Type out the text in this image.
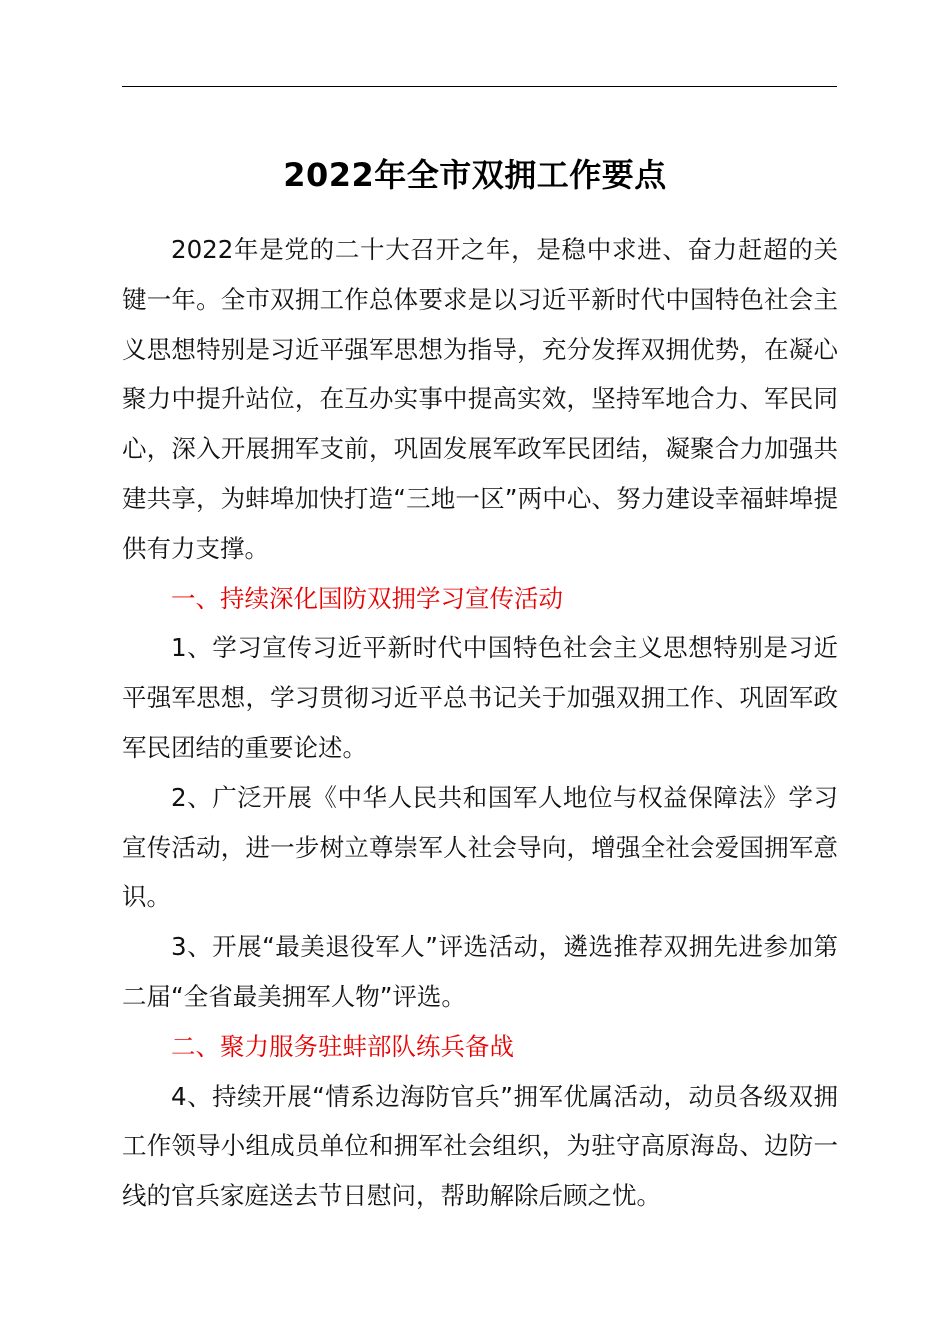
2022年全市双拥工作要点

2022年是党的二十大召开之年，是稳中求进、奋力赶超的关键一年。全市双拥工作总体要求是以习近平新时代中国特色社会主义思想特别是习近平强军思想为指导，充分发挥双拥优势，在凝心聚力中提升站位，在互办实事中提高实效，坚持军地合力、军民同心，深入开展拥军支前，巩固发展军政军民团结，凝聚合力加强共建共享，为蚌埠加快打造“三地一区”两中心、努力建设幸福蚌埠提供有力支撑。

一、持续深化国防双拥学习宣传活动

1、学习宣传习近平新时代中国特色社会主义思想特别是习近平强军思想，学习贯彻习近平总书记关于加强双拥工作、巩固军政军民团结的重要论述。

2、广泛开展《中华人民共和国军人地位与权益保障法》学习宣传活动，进一步树立尊崇军人社会导向，增强全社会爱国拥军意识。

3、开展“最美退役军人”评选活动，遴选推荐双拥先进参加第二届“全省最美拥军人物”评选。

二、聚力服务驻蚌部队练兵备战

4、持续开展“情系边海防官兵”拥军优属活动，动员各级双拥工作领导小组成员单位和拥军社会组织，为驻守高原海岛、边防一线的官兵家庭送去节日慰问，帮助解除后顾之忧。
